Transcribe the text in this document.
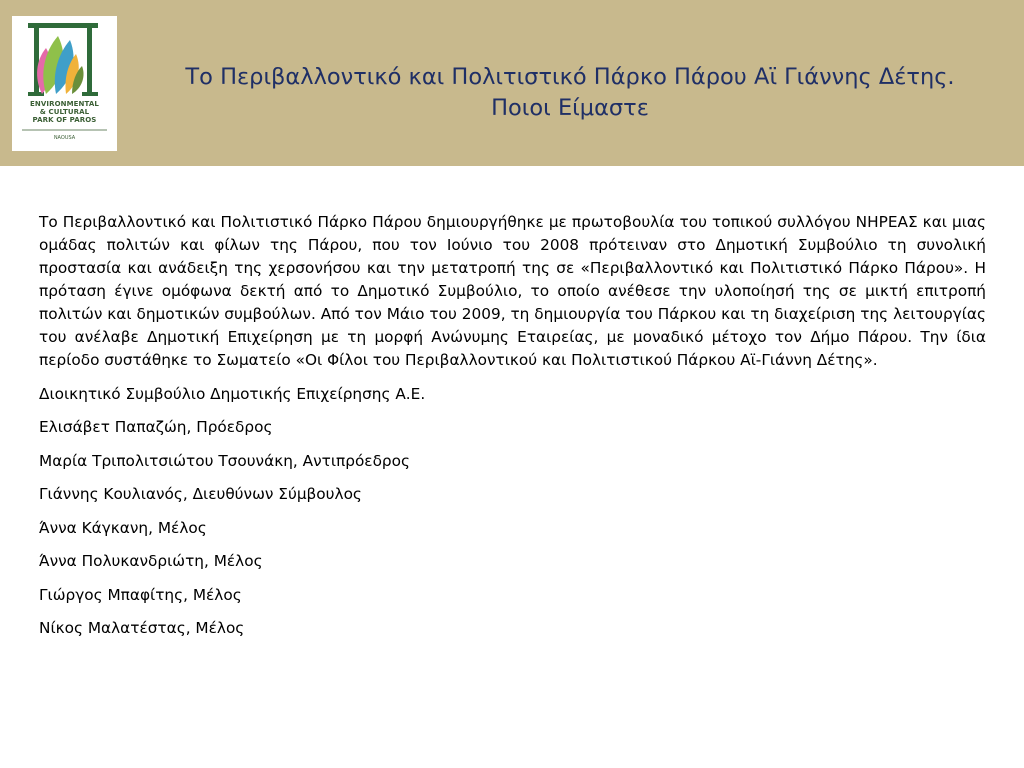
ENVIRONMENTAL
& CULTURAL
PARK OF PAROS
NAOUSA
Το Περιβαλλοντικό και Πολιτιστικό Πάρκο Πάρου Αϊ Γιάννης Δέτης.
Ποιοι Είμαστε

Το Περιβαλλοντικό και Πολιτιστικό Πάρκο Πάρου δημιουργήθηκε με πρωτοβουλία του τοπικού συλλόγου ΝΗΡΕΑΣ και μιας ομάδας πολιτών και φίλων της Πάρου, που τον Ιούνιο του 2008 πρότειναν στο Δημοτική Συμβούλιο τη συνολική προστασία και ανάδειξη της χερσονήσου και την μετατροπή της σε «Περιβαλλοντικό και Πολιτιστικό Πάρκο Πάρου». Η πρόταση έγινε ομόφωνα δεκτή από το Δημοτικό Συμβούλιο, το οποίο ανέθεσε την υλοποίησή της σε μικτή επιτροπή πολιτών και δημοτικών συμβούλων. Από τον Μάιο του 2009, τη δημιουργία του Πάρκου και τη διαχείριση της λειτουργίας του ανέλαβε Δημοτική Επιχείρηση με τη μορφή Ανώνυμης Εταιρείας, με μοναδικό μέτοχο τον Δήμο Πάρου. Την ίδια περίοδο συστάθηκε το Σωματείο «Οι Φίλοι του Περιβαλλοντικού και Πολιτιστικού Πάρκου Αϊ-Γιάννη Δέτης».

Διοικητικό Συμβούλιο Δημοτικής Επιχείρησης Α.Ε.

Ελισάβετ Παπαζώη, Πρόεδρος

Μαρία Τριπολιτσιώτου Τσουνάκη, Αντιπρόεδρος

Γιάννης Κουλιανός, Διευθύνων Σύμβουλος

Άννα Κάγκανη, Μέλος

Άννα Πολυκανδριώτη, Μέλος

Γιώργος Μπαφίτης, Μέλος

Νίκος Μαλατέστας, Μέλος
